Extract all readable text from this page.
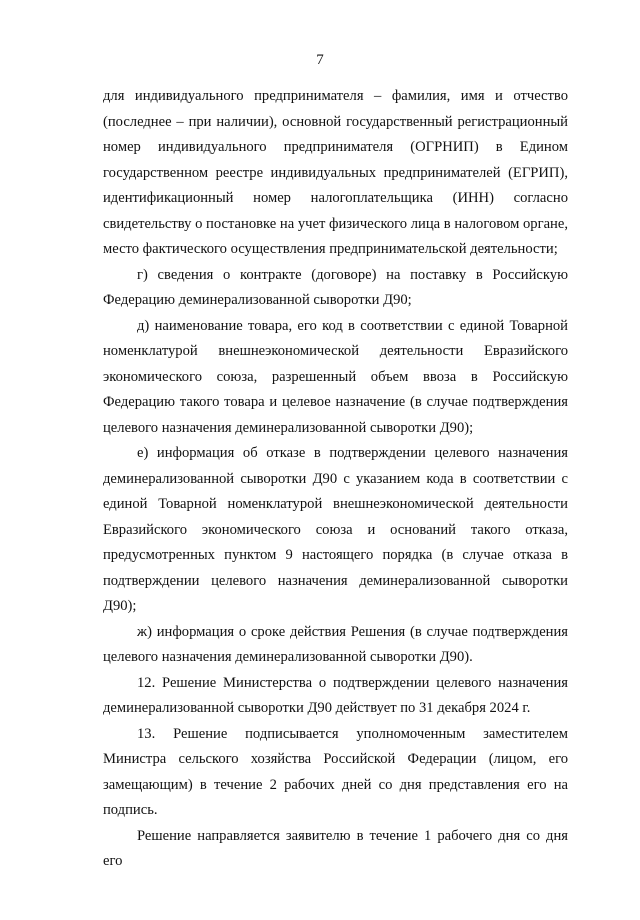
7

для индивидуального предпринимателя – фамилия, имя и отчество (последнее – при наличии), основной государственный регистрационный номер индивидуального предпринимателя (ОГРНИП) в Едином государственном реестре индивидуальных предпринимателей (ЕГРИП), идентификационный номер налогоплательщика (ИНН) согласно свидетельству о постановке на учет физического лица в налоговом органе, место фактического осуществления предпринимательской деятельности;

г) сведения о контракте (договоре) на поставку в Российскую Федерацию деминерализованной сыворотки Д90;

д) наименование товара, его код в соответствии с единой Товарной номенклатурой внешнеэкономической деятельности Евразийского экономического союза, разрешенный объем ввоза в Российскую Федерацию такого товара и целевое назначение (в случае подтверждения целевого назначения деминерализованной сыворотки Д90);

е) информация об отказе в подтверждении целевого назначения деминерализованной сыворотки Д90 с указанием кода в соответствии с единой Товарной номенклатурой внешнеэкономической деятельности Евразийского экономического союза и оснований такого отказа, предусмотренных пунктом 9 настоящего порядка (в случае отказа в подтверждении целевого назначения деминерализованной сыворотки Д90);

ж) информация о сроке действия Решения (в случае подтверждения целевого назначения деминерализованной сыворотки Д90).

12. Решение Министерства о подтверждении целевого назначения деминерализованной сыворотки Д90 действует по 31 декабря 2024 г.

13. Решение подписывается уполномоченным заместителем Министра сельского хозяйства Российской Федерации (лицом, его замещающим) в течение 2 рабочих дней со дня представления его на подпись.

Решение направляется заявителю в течение 1 рабочего дня со дня его
